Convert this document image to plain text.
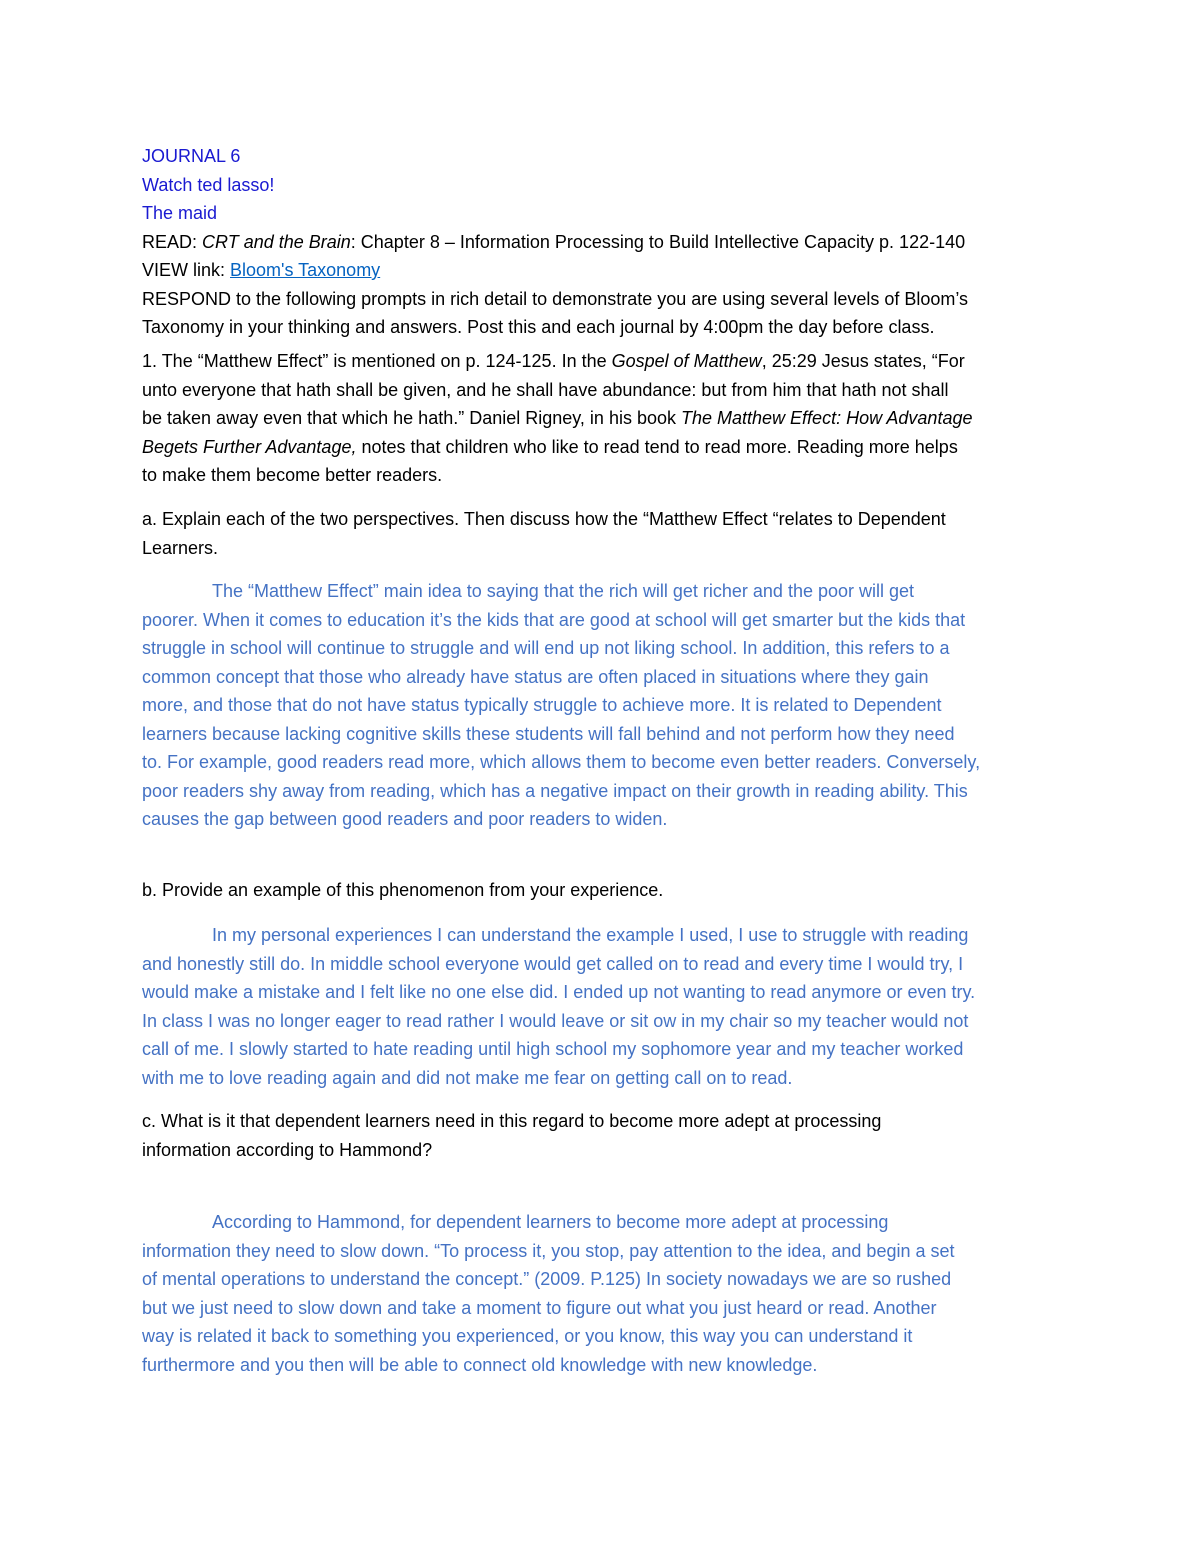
JOURNAL 6
Watch ted lasso!
The maid
READ: CRT and the Brain: Chapter 8 – Information Processing to Build Intellective Capacity p. 122-140
VIEW link: Bloom's Taxonomy
RESPOND to the following prompts in rich detail to demonstrate you are using several levels of Bloom’s
Taxonomy in your thinking and answers. Post this and each journal by 4:00pm the day before class.
1. The “Matthew Effect” is mentioned on p. 124-125. In the Gospel of Matthew, 25:29 Jesus states, “For
unto everyone that hath shall be given, and he shall have abundance: but from him that hath not shall
be taken away even that which he hath.” Daniel Rigney, in his book The Matthew Effect: How Advantage
Begets Further Advantage, notes that children who like to read tend to read more. Reading more helps
to make them become better readers.
a. Explain each of the two perspectives. Then discuss how the “Matthew Effect “relates to Dependent
Learners.
The “Matthew Effect” main idea to saying that the rich will get richer and the poor will get
poorer. When it comes to education it’s the kids that are good at school will get smarter but the kids that
struggle in school will continue to struggle and will end up not liking school. In addition, this refers to a
common concept that those who already have status are often placed in situations where they gain
more, and those that do not have status typically struggle to achieve more. It is related to Dependent
learners because lacking cognitive skills these students will fall behind and not perform how they need
to. For example, good readers read more, which allows them to become even better readers. Conversely,
poor readers shy away from reading, which has a negative impact on their growth in reading ability. This
causes the gap between good readers and poor readers to widen.
b. Provide an example of this phenomenon from your experience.
In my personal experiences I can understand the example I used, I use to struggle with reading
and honestly still do. In middle school everyone would get called on to read and every time I would try, I
would make a mistake and I felt like no one else did. I ended up not wanting to read anymore or even try.
In class I was no longer eager to read rather I would leave or sit ow in my chair so my teacher would not
call of me. I slowly started to hate reading until high school my sophomore year and my teacher worked
with me to love reading again and did not make me fear on getting call on to read.
c. What is it that dependent learners need in this regard to become more adept at processing
information according to Hammond?
According to Hammond, for dependent learners to become more adept at processing
information they need to slow down. “To process it, you stop, pay attention to the idea, and begin a set
of mental operations to understand the concept.” (2009. P.125) In society nowadays we are so rushed
but we just need to slow down and take a moment to figure out what you just heard or read. Another
way is related it back to something you experienced, or you know, this way you can understand it
furthermore and you then will be able to connect old knowledge with new knowledge.
